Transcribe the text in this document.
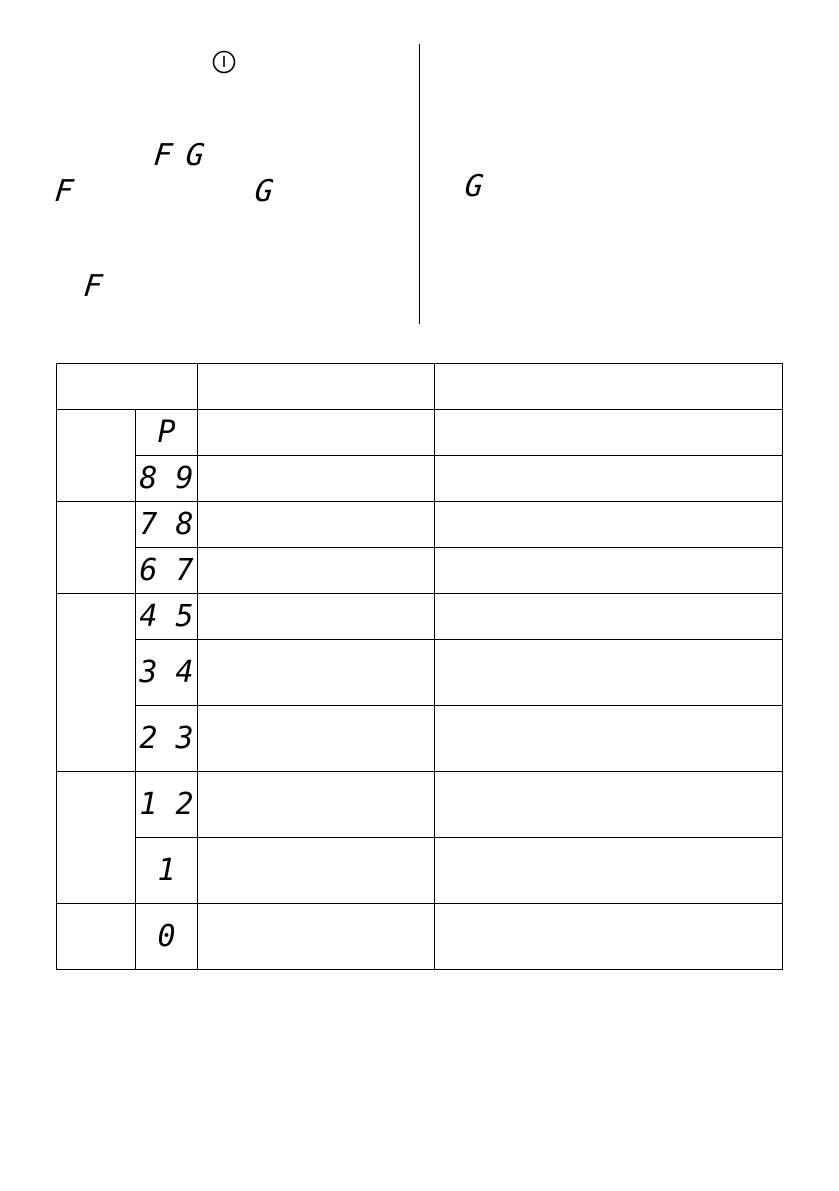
F G
F	G
F
G

	P		
	8 9		
	7 8		
	6 7		
	4 5		
	3 4		
	2 3		
	1 2		
	1		
	0		
